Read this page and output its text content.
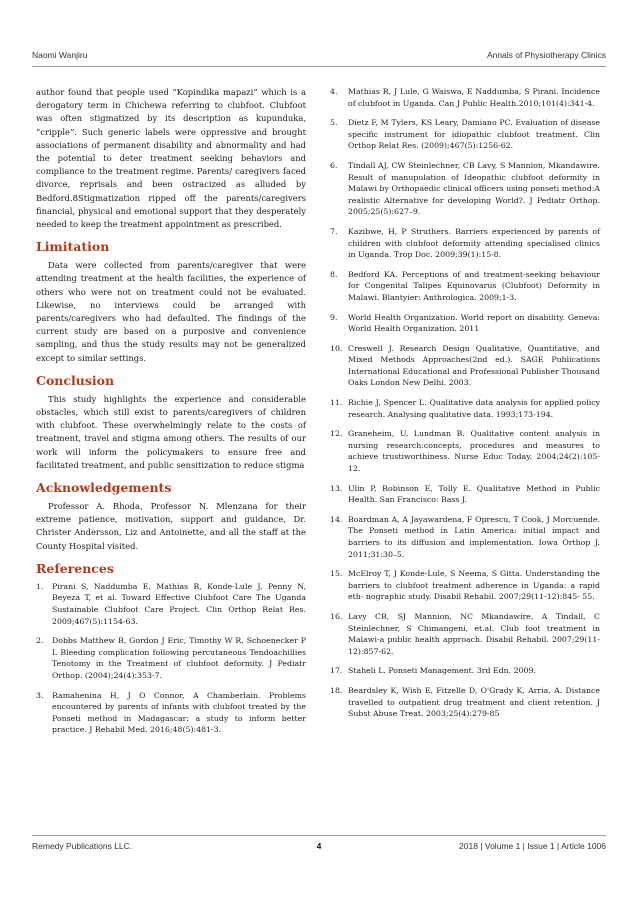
Naomi Wanjiru	Annals of Physiotherapy Clinics

author found that people used “Kopindika mapazi” which is a derogatory term in Chichewa referring to clubfoot. Clubfoot was often stigmatized by its description as kupunduka, “cripple”. Such generic labels were oppressive and brought associations of permanent disability and abnormality and had the potential to deter treatment seeking behaviors and compliance to the treatment regime. Parents/ caregivers faced divorce, reprisals and been ostracized as alluded by Bedford.8Stigmatization ripped off the parents/caregivers financial, physical and emotional support that they desperately needed to keep the treatment appointment as prescribed.

Limitation

Data were collected from parents/caregiver that were attending treatment at the health facilities, the experience of others who were not on treatment could not be evaluated. Likewise, no interviews could be arranged with parents/caregivers who had defaulted. The findings of the current study are based on a purposive and convenience sampling, and thus the study results may not be generalized except to similar settings.

Conclusion

This study highlights the experience and considerable obstacles, which still exist to parents/caregivers of children with clubfoot. These overwhelmingly relate to the costs of treatment, travel and stigma among others. The results of our work will inform the policymakers to ensure free and facilitated treatment, and public sensitization to reduce stigma

Acknowledgements

Professor A. Rhoda, Professor N. Mlenzana for their extreme patience, motivation, support and guidance, Dr. Christer Andersson, Liz and Antoinette, and all the staff at the County Hospital visited.

References
1. Pirani S, Naddumba E, Mathias R, Konde-Lule J, Penny N, Beyeza T, et al. Toward Effective Clubfoot Care The Uganda Sustainable Clubfoot Care Project. Clin Orthop Relat Res. 2009;467(5):1154-63.
2. Dobbs Matthew B, Gordon J Eric, Timothy W R, Schoenecker P L Bleeding complication following percutaneous Tendoachillies Tenotomy in the Treatment of clubfoot deformity. J Pediatr Orthop. (2004);24(4):353-7.
3. Ramahenina H, J O Connor, A Chamberlain. Problems encountered by parents of infants with clubfoot treated by the Ponseti method in Madagascar: a study to inform better practice. J Rehabil Med. 2016;48(5):481-3.
4. Mathias R, J Lule, G Waiswa, E Naddumba, S Pirani. Incidence of clubfoot in Uganda. Can J Public Health.2010;101(4):341-4.
5. Dietz F, M Tylers, KS Leary, Damiano PC. Evaluation of disease specific instrument for idiopathic clubfoot treatment. Clin Orthop Relat Res. (2009);467(5):1256-62.
6. Tindall AJ, CW Steinlechner, CB Lavy, S Mannion, Mkandawire. Result of manupulation of Ideopathic clubfoot deformity in Malawi by Orthopaedic clinical officers using ponseti method:A realistic Alternative for developing World?. J Pediatr Orthop. 2005;25(5):627–9.
7. Kazibwe, H, P Struthers. Barriers experienced by parents of children with clubfoot deformity attending specialised clinics in Uganda. Trop Doc. 2009;39(1):15-8.
8. Bedford KA. Perceptions of and treatment-seeking behaviour for Congenital Talipes Equinovarus (Clubfoot) Deformity in Malawi. Blantyier: Anthrologica. 2009;1-3.
9. World Health Organization. World report on disability. Geneva: World Health Organization. 2011
10. Creswell J. Research Design Qualitative, Quantitative, and Mixed Methods Approaches(2nd ed.). SAGE Publications International Educational and Professional Publisher Thousand Oaks London New Delhi. 2003.
11. Richie J, Spencer L. Qualitative data analysis for applied policy research. Analysing qualitative data. 1993;173-194.
12. Graneheim, U, Lundman B. Qualitative content analysis in nursing research:concepts, procedures and measures to achieve trustiworthiness. Nurse Educ Today. 2004;24(2):105-12.
13. Ulin P, Robinson E, Tolly E. Qualitative Method in Public Health. San Francisco: Bass J.
14. Boardman A, A Jayawardena, F Oprescu, T Cook, J Morcuende. The Ponseti method in Latin America: initial impact and barriers to its diffusion and implementation. Iowa Orthop J. 2011;31:30–5.
15. McElroy T, J Konde-Lule, S Neema, S Gitta. Understanding the barriers to clubfoot treatment adherence in Uganda: a rapid eth- nographic study. Disabil Rehabil. 2007;29(11-12):845- 55.
16. Lavy CB, SJ Mannion, NC Mkandawire, A Tindall, C Steinlechner, S Chimangeni, et.al. Club foot treatment in Malawi-a public health approach. Disabil Rehabil. 2007;29(11-12):857-62.
17. Staheli L. Ponseti Management. 3rd Edn. 2009.
18. Beardsley K, Wish E, Fitzelle D, O'Grady K, Arria, A. Distance travelled to outpatient drug treatment and client retention. J Subst Abuse Treat. 2003;25(4):279-85
Remedy Publications LLC.	4	2018 | Volume 1 | Issue 1 | Article 1006
